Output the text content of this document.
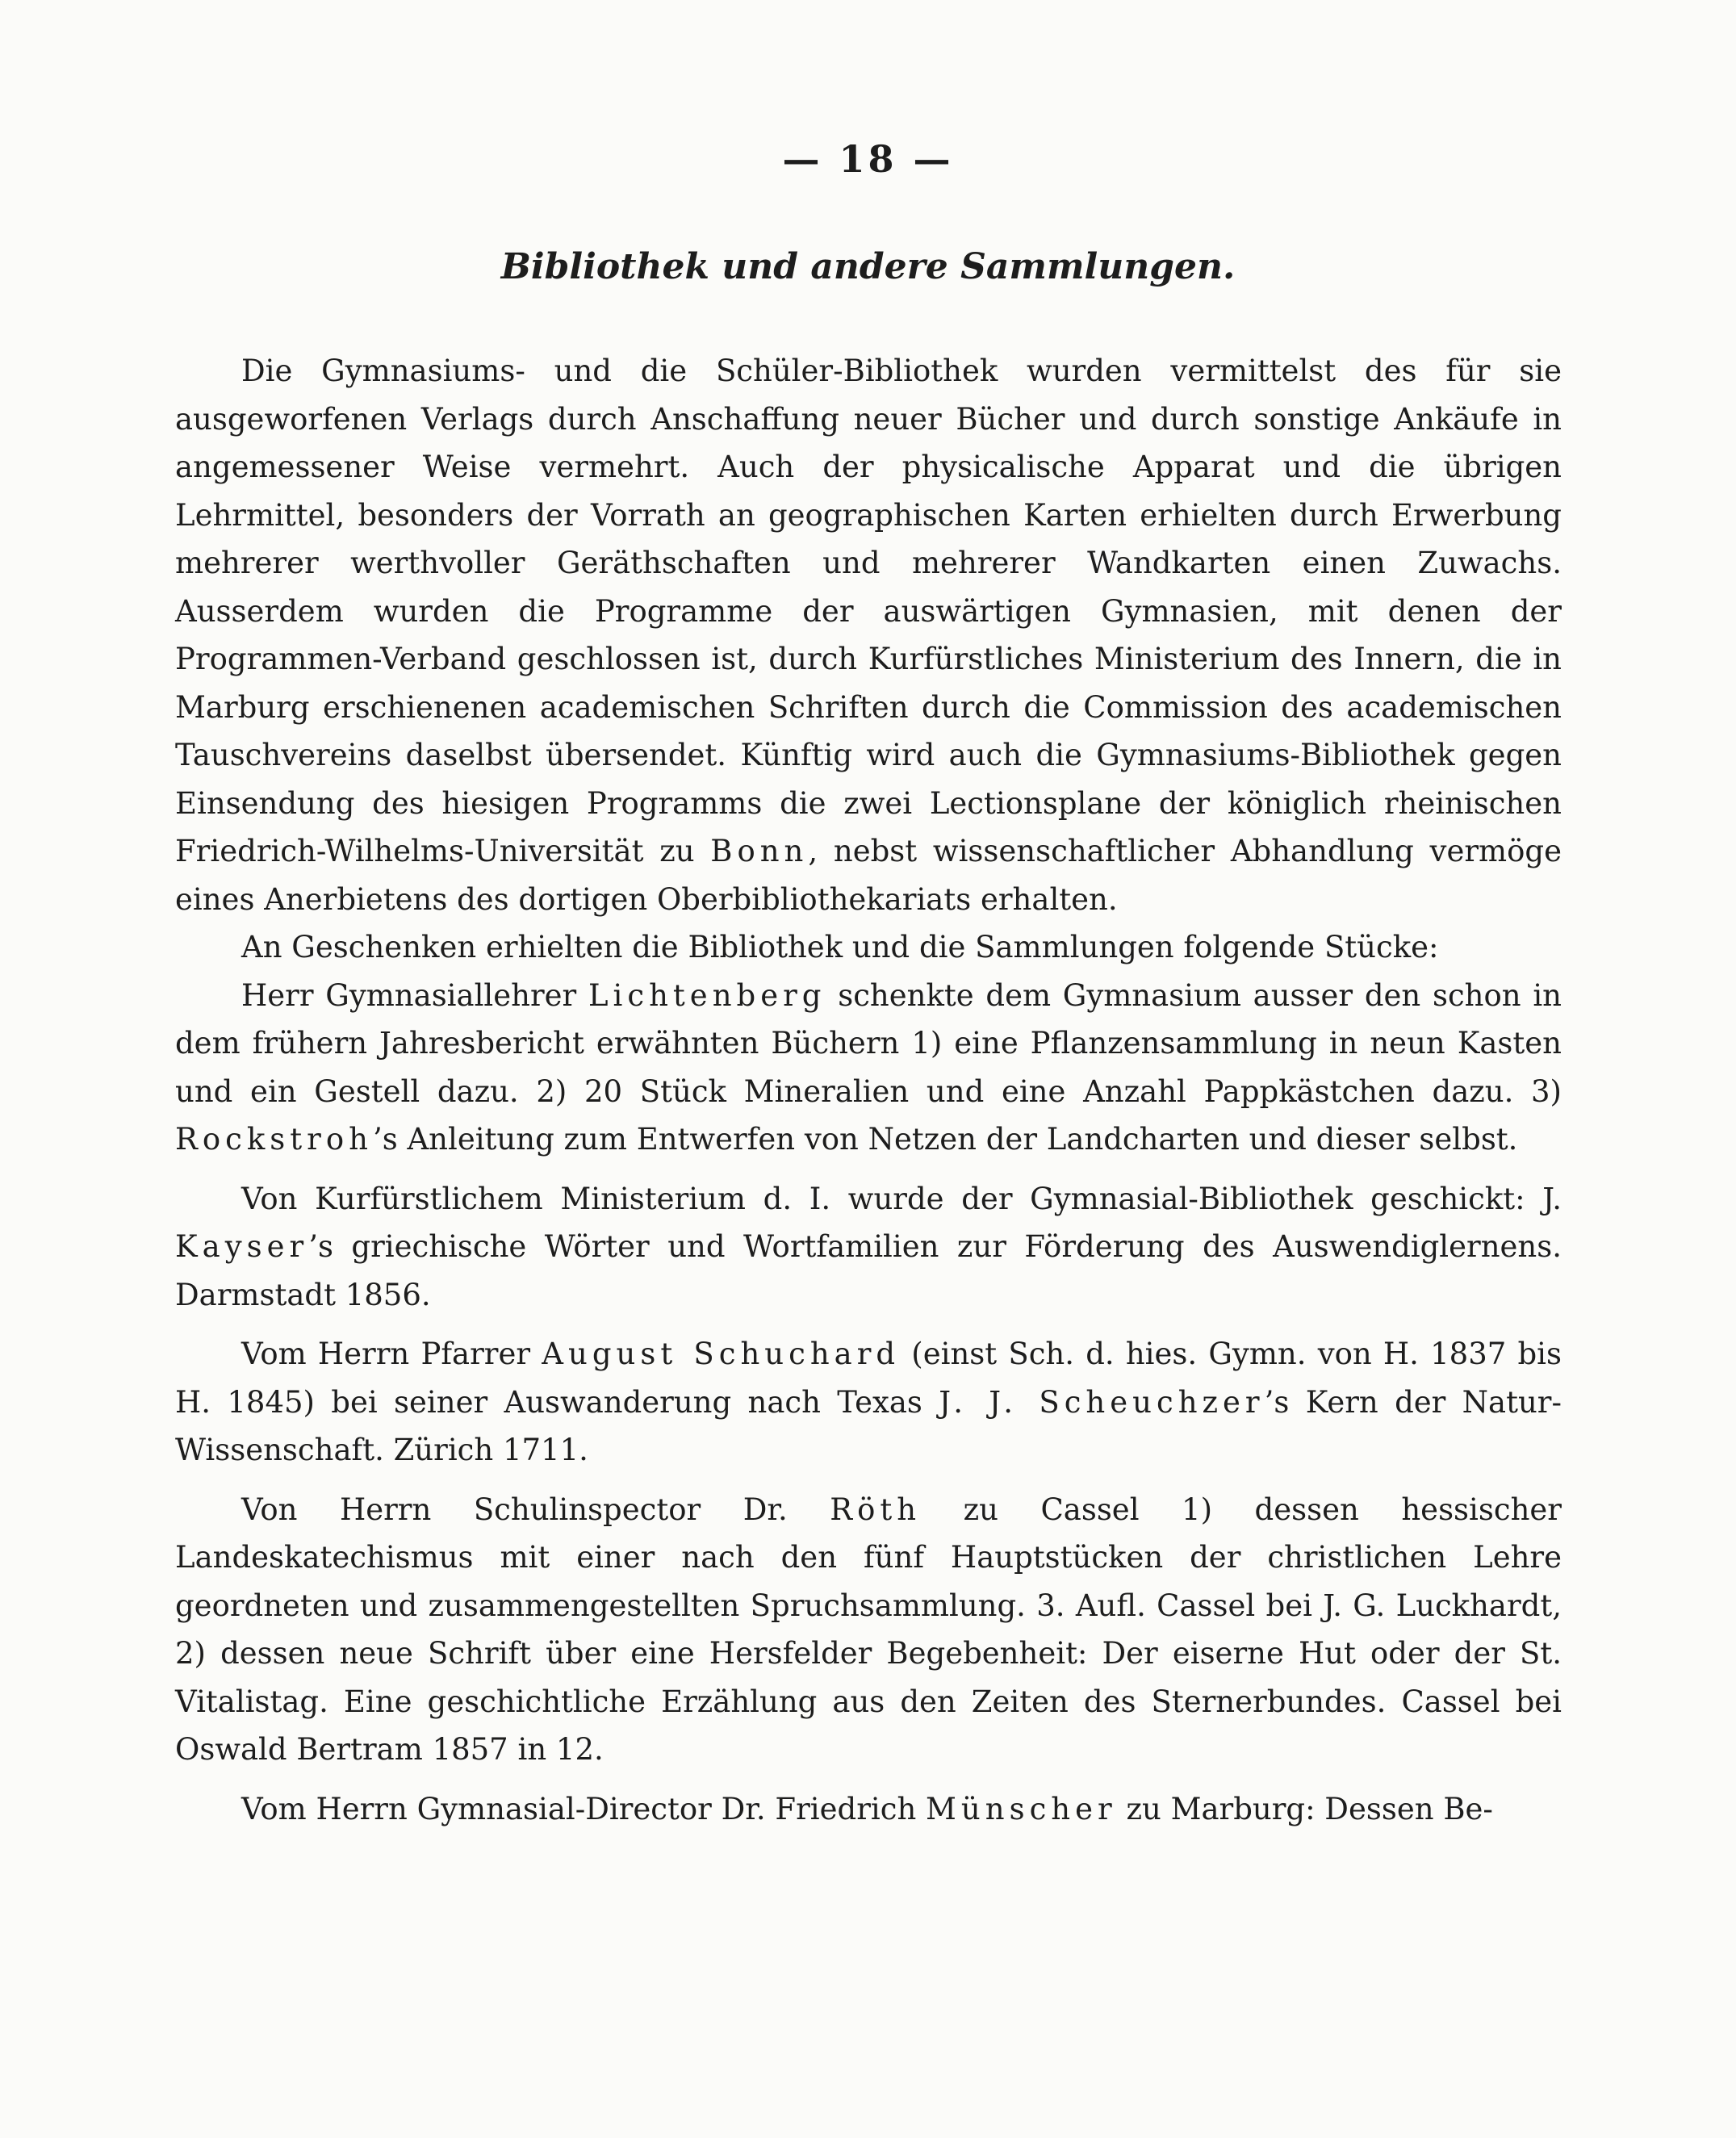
— 18 —
Bibliothek und andere Sammlungen.

Die Gymnasiums- und die Schüler-Bibliothek wurden vermittelst des für sie ausgeworfenen Verlags durch Anschaffung neuer Bücher und durch sonstige Ankäufe in angemessener Weise vermehrt. Auch der physicalische Apparat und die übrigen Lehrmittel, besonders der Vorrath an geographischen Karten erhielten durch Erwerbung mehrerer werthvoller Geräthschaften und mehrerer Wandkarten einen Zuwachs. Ausserdem wurden die Programme der auswärtigen Gymnasien, mit denen der Programmen-Verband geschlossen ist, durch Kurfürstliches Ministerium des Innern, die in Marburg erschienenen academischen Schriften durch die Commission des academischen Tauschvereins daselbst übersendet. Künftig wird auch die Gymnasiums-Bibliothek gegen Einsendung des hiesigen Programms die zwei Lectionsplane der königlich rheinischen Friedrich-Wilhelms-Universität zu Bonn, nebst wissenschaftlicher Abhandlung vermöge eines Anerbietens des dortigen Oberbibliothekariats erhalten.

An Geschenken erhielten die Bibliothek und die Sammlungen folgende Stücke:

Herr Gymnasiallehrer Lichtenberg schenkte dem Gymnasium ausser den schon in dem frühern Jahresbericht erwähnten Büchern 1) eine Pflanzensammlung in neun Kasten und ein Gestell dazu. 2) 20 Stück Mineralien und eine Anzahl Pappkästchen dazu. 3) Rockstroh’s Anleitung zum Entwerfen von Netzen der Landcharten und dieser selbst.

Von Kurfürstlichem Ministerium d. I. wurde der Gymnasial-Bibliothek geschickt: J. Kayser’s griechische Wörter und Wortfamilien zur Förderung des Auswendiglernens. Darmstadt 1856.

Vom Herrn Pfarrer August Schuchard (einst Sch. d. hies. Gymn. von H. 1837 bis H. 1845) bei seiner Auswanderung nach Texas J. J. Scheuchzer’s Kern der Natur-Wissenschaft. Zürich 1711.

Von Herrn Schulinspector Dr. Röth zu Cassel 1) dessen hessischer Landeskatechismus mit einer nach den fünf Hauptstücken der christlichen Lehre geordneten und zusammengestellten Spruchsammlung. 3. Aufl. Cassel bei J. G. Luckhardt, 2) dessen neue Schrift über eine Hersfelder Begebenheit: Der eiserne Hut oder der St. Vitalistag. Eine geschichtliche Erzählung aus den Zeiten des Sternerbundes. Cassel bei Oswald Bertram 1857 in 12.

Vom Herrn Gymnasial-Director Dr. Friedrich Münscher zu Marburg: Dessen Be-
